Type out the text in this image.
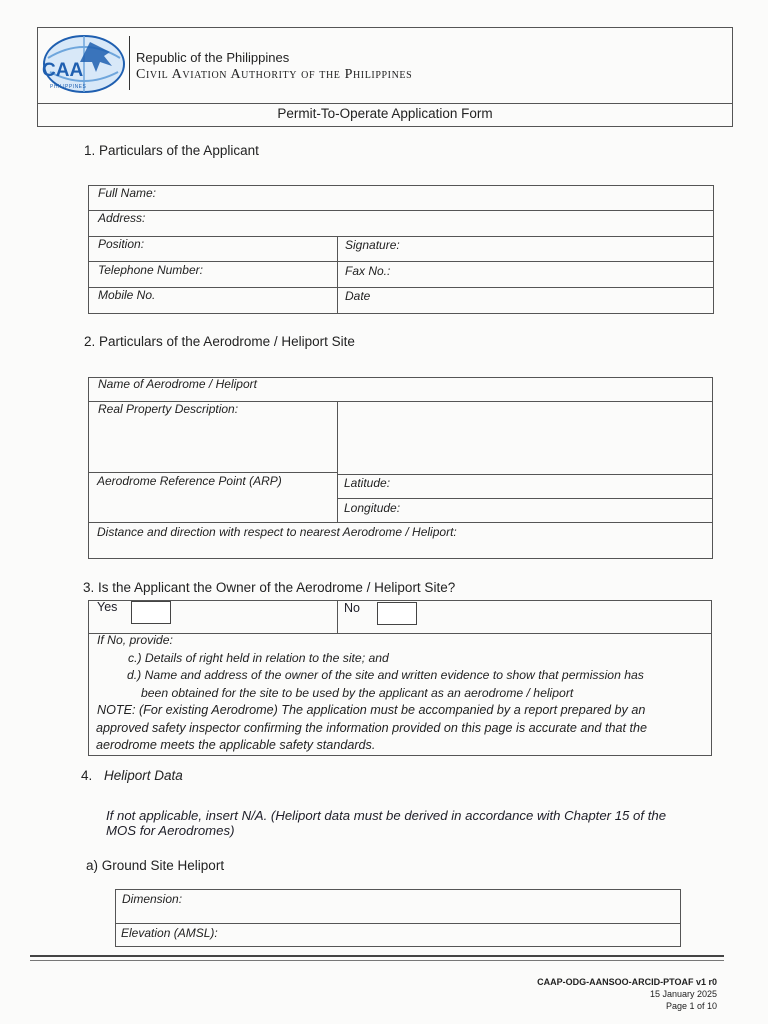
CAA
PHILIPPINES
Republic of the Philippines
Civil Aviation Authority of the Philippines
Permit-To-Operate Application Form
1. Particulars of the Applicant
Full Name:
Address:
Position:	Signature:
Telephone Number:	Fax No.:
Mobile No.	Date
2. Particulars of the Aerodrome / Heliport Site
Name of Aerodrome / Heliport
Real Property Description:
Aerodrome Reference Point (ARP)	Latitude:
Longitude:
Distance and direction with respect to nearest Aerodrome / Heliport:
3. Is the Applicant the Owner of the Aerodrome / Heliport Site?
Yes	No
If No, provide:
c.) Details of right held in relation to the site; and
d.) Name and address of the owner of the site and written evidence to show that permission has
been obtained for the site to be used by the applicant as an aerodrome / heliport
NOTE: (For existing Aerodrome) The application must be accompanied by a report prepared by an
approved safety inspector confirming the information provided on this page is accurate and that the
aerodrome meets the applicable safety standards.
4. Heliport Data
If not applicable, insert N/A. (Heliport data must be derived in accordance with Chapter 15 of the
MOS for Aerodromes)
a) Ground Site Heliport
Dimension:
Elevation (AMSL):
CAAP-ODG-AANSOO-ARCID-PTOAF v1 r0
15 January 2025
Page 1 of 10
